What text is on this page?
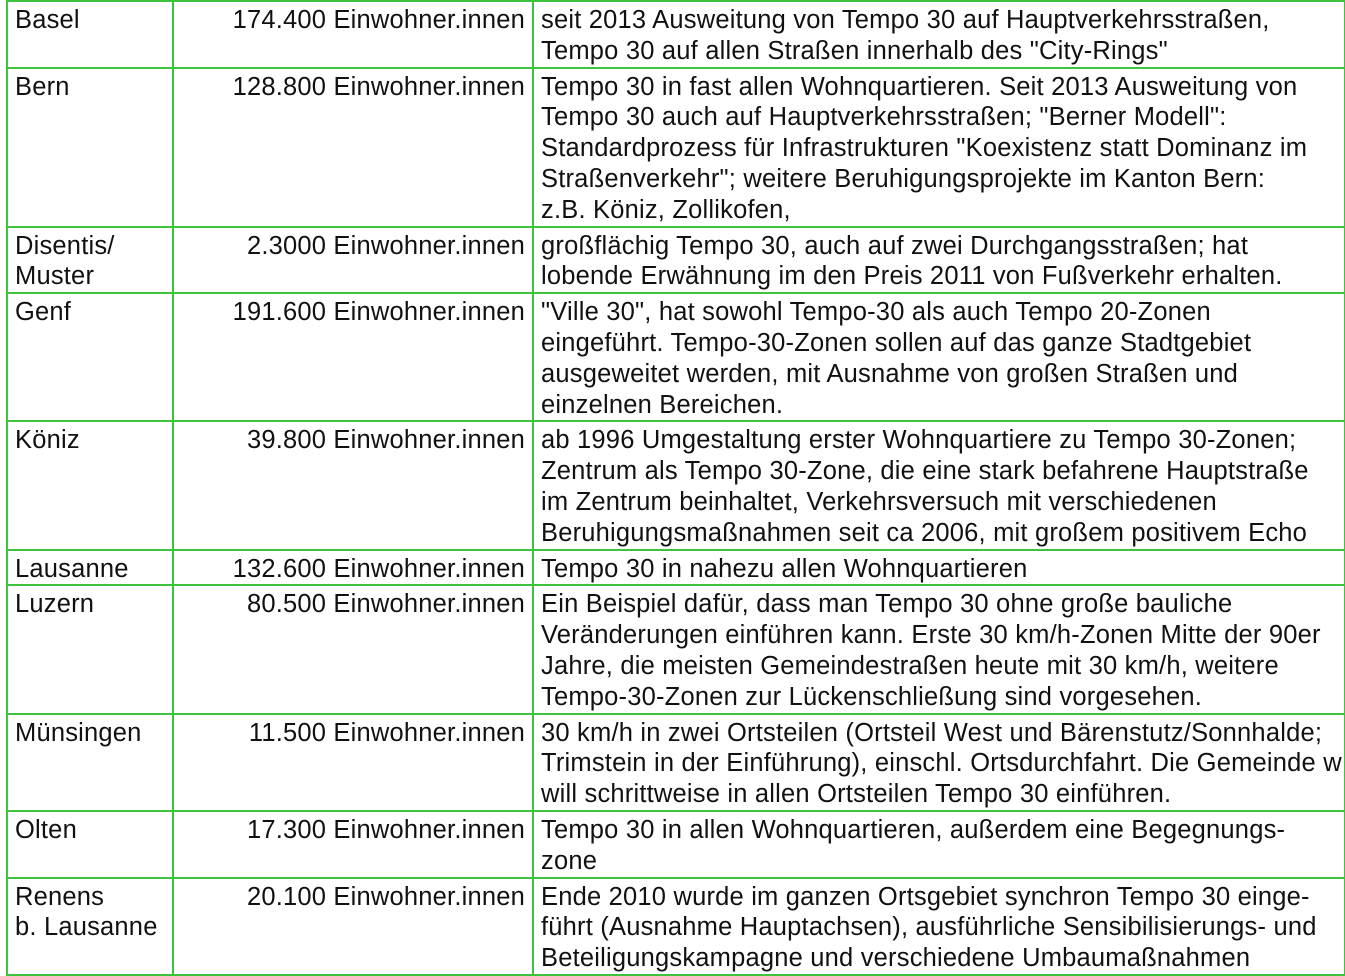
Basel	174.400 Einwohner.innen	seit 2013 Ausweitung von Tempo 30 auf Hauptverkehrsstraßen,
Tempo 30 auf allen Straßen innerhalb des "City-Rings"

Bern	128.800 Einwohner.innen	Tempo 30 in fast allen Wohnquartieren. Seit 2013 Ausweitung von
Tempo 30 auch auf Hauptverkehrsstraßen; "Berner Modell":
Standardprozess für Infrastrukturen "Koexistenz statt Dominanz im
Straßenverkehr"; weitere Beruhigungsprojekte im Kanton Bern:
z.B. Köniz, Zollikofen,

Disentis/
Muster	2.3000 Einwohner.innen	großflächig Tempo 30, auch auf zwei Durchgangsstraßen; hat
lobende Erwähnung im den Preis 2011 von Fußverkehr erhalten.

Genf	191.600 Einwohner.innen	"Ville 30", hat sowohl Tempo-30 als auch Tempo 20-Zonen
eingeführt. Tempo-30-Zonen sollen auf das ganze Stadtgebiet
ausgeweitet werden, mit Ausnahme von großen Straßen und
einzelnen Bereichen.

Köniz	39.800 Einwohner.innen	ab 1996 Umgestaltung erster Wohnquartiere zu Tempo 30-Zonen;
Zentrum als Tempo 30-Zone, die eine stark befahrene Hauptstraße
im Zentrum beinhaltet, Verkehrsversuch mit verschiedenen
Beruhigungsmaßnahmen seit ca 2006, mit großem positivem Echo

Lausanne	132.600 Einwohner.innen	Tempo 30 in nahezu allen Wohnquartieren

Luzern	80.500 Einwohner.innen	Ein Beispiel dafür, dass man Tempo 30 ohne große bauliche
Veränderungen einführen kann. Erste 30 km/h-Zonen Mitte der 90er
Jahre, die meisten Gemeindestraßen heute mit 30 km/h, weitere
Tempo-30-Zonen zur Lückenschließung sind vorgesehen.

Münsingen	11.500 Einwohner.innen	30 km/h in zwei Ortsteilen (Ortsteil West und Bärenstutz/Sonnhalde;
Trimstein in der Einführung), einschl. Ortsdurchfahrt. Die Gemeinde w
will schrittweise in allen Ortsteilen Tempo 30 einführen.

Olten	17.300 Einwohner.innen	Tempo 30 in allen Wohnquartieren, außerdem eine Begegnungs-
zone

Renens
b. Lausanne	20.100 Einwohner.innen	Ende 2010 wurde im ganzen Ortsgebiet synchron Tempo 30 einge-
führt (Ausnahme Hauptachsen), ausführliche Sensibilisierungs- und
Beteiligungskampagne und verschiedene Umbaumaßnahmen
